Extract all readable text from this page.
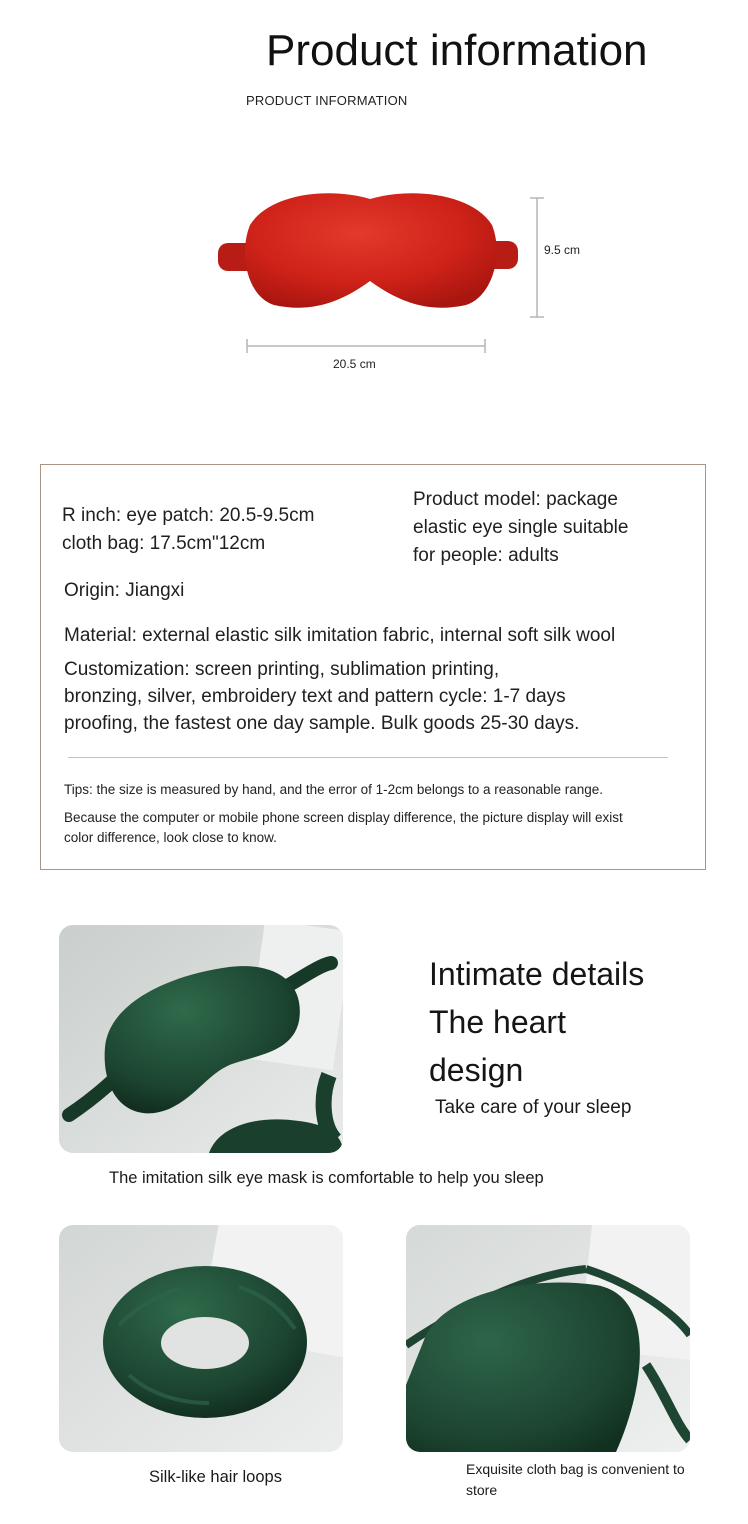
Product information
PRODUCT INFORMATION
9.5 cm
20.5 cm
R inch: eye patch: 20.5-9.5cm
cloth bag: 17.5cm"12cm
Product model: package
elastic eye single suitable
for people: adults
Origin: Jiangxi
Material: external elastic silk imitation fabric, internal soft silk wool
Customization: screen printing, sublimation printing,
bronzing, silver, embroidery text and pattern cycle: 1-7 days
proofing, the fastest one day sample. Bulk goods 25-30 days.
Tips: the size is measured by hand, and the error of 1-2cm belongs to a reasonable range.
Because the computer or mobile phone screen display difference, the picture display will exist
color difference, look close to know.
Intimate details
The heart
design
Take care of your sleep
The imitation silk eye mask is comfortable to help you sleep
Silk-like hair loops	Exquisite cloth bag is convenient to
store
